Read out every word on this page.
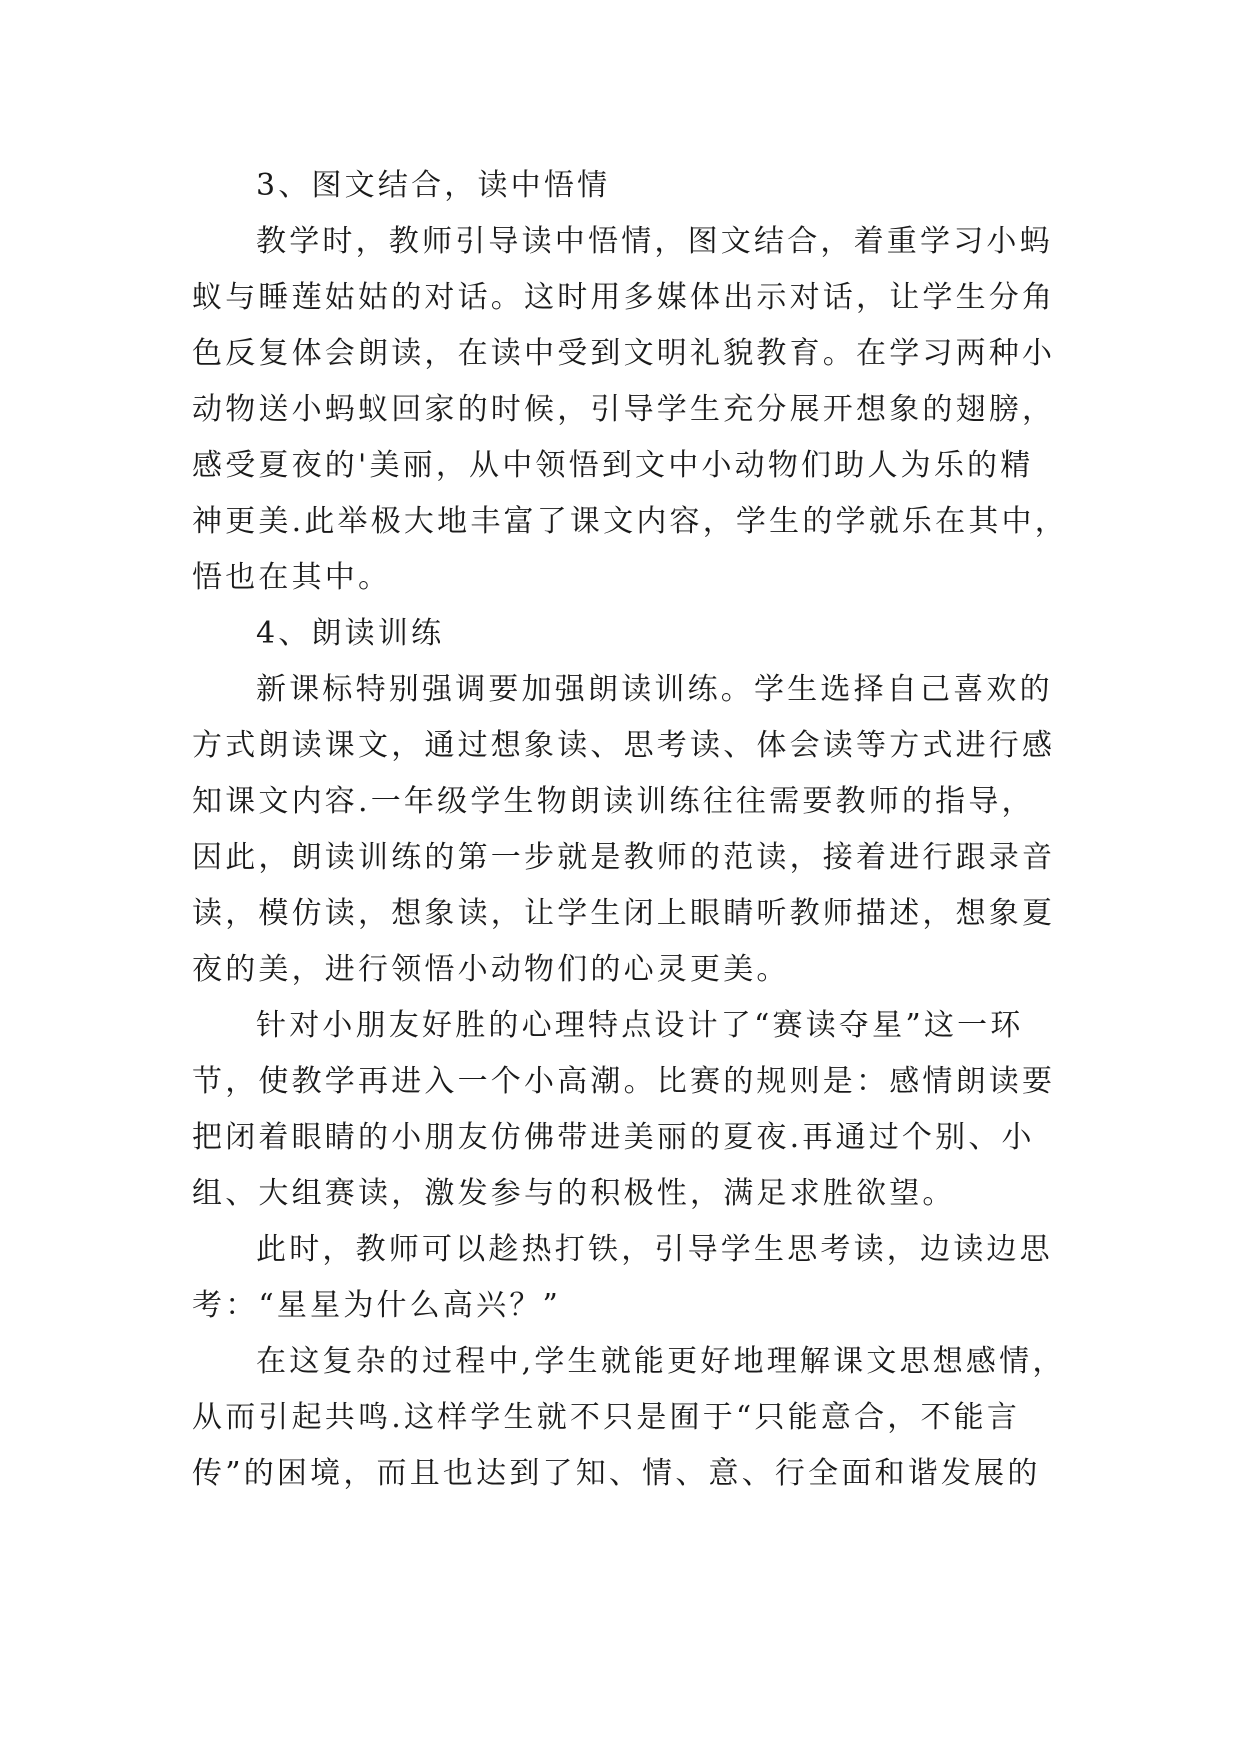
3、图文结合，读中悟情
教学时，教师引导读中悟情，图文结合，着重学习小蚂
蚁与睡莲姑姑的对话。这时用多媒体出示对话，让学生分角
色反复体会朗读，在读中受到文明礼貌教育。在学习两种小
动物送小蚂蚁回家的时候，引导学生充分展开想象的翅膀，
感受夏夜的'美丽，从中领悟到文中小动物们助人为乐的精
神更美.此举极大地丰富了课文内容，学生的学就乐在其中，
悟也在其中。
4、朗读训练
新课标特别强调要加强朗读训练。学生选择自己喜欢的
方式朗读课文，通过想象读、思考读、体会读等方式进行感
知课文内容.一年级学生物朗读训练往往需要教师的指导，
因此，朗读训练的第一步就是教师的范读，接着进行跟录音
读，模仿读，想象读，让学生闭上眼睛听教师描述，想象夏
夜的美，进行领悟小动物们的心灵更美。
针对小朋友好胜的心理特点设计了“赛读夺星”这一环
节，使教学再进入一个小高潮。比赛的规则是：感情朗读要
把闭着眼睛的小朋友仿佛带进美丽的夏夜.再通过个别、小
组、大组赛读，激发参与的积极性，满足求胜欲望。
此时，教师可以趁热打铁，引导学生思考读，边读边思
考：“星星为什么高兴？”
在这复杂的过程中,学生就能更好地理解课文思想感情，
从而引起共鸣.这样学生就不只是囿于“只能意合，不能言
传”的困境，而且也达到了知、情、意、行全面和谐发展的
